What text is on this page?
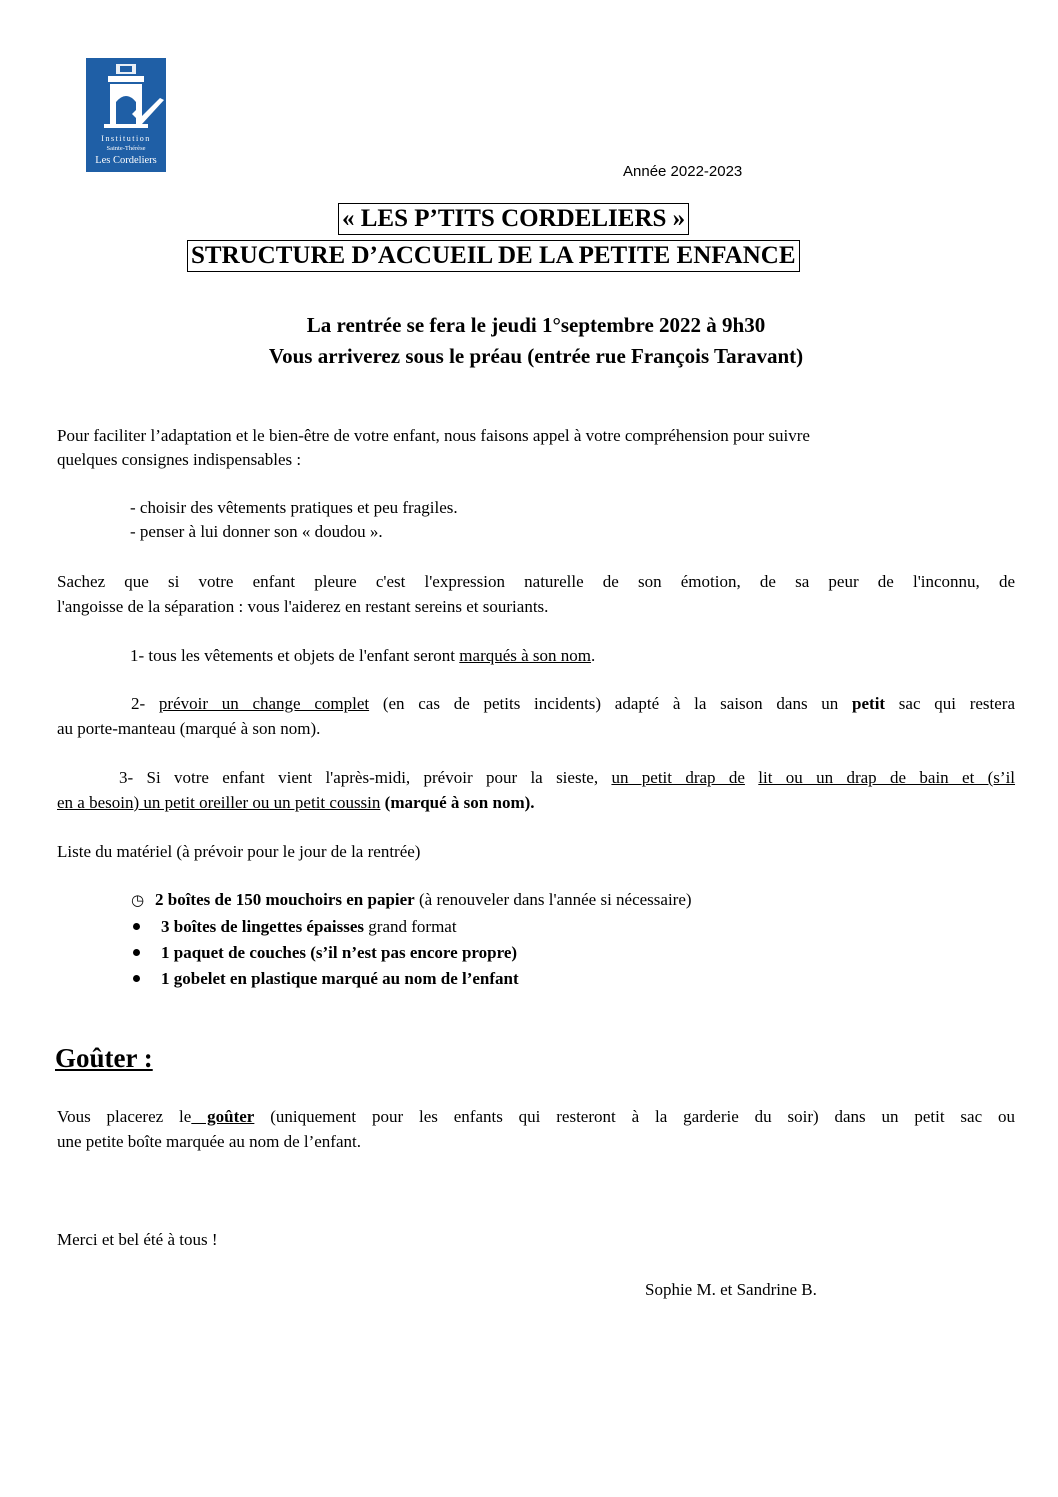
Institution
Sainte-Thérèse
Les Cordeliers
Année 2022-2023
« LES P’TITS CORDELIERS »
STRUCTURE D’ACCUEIL DE LA PETITE ENFANCE
La rentrée se fera le jeudi 1°septembre 2022 à 9h30
Vous arriverez sous le préau (entrée rue François Taravant)
Pour faciliter l’adaptation et le bien-être de votre enfant, nous faisons appel à votre compréhension pour suivre
quelques consignes indispensables :
- choisir des vêtements pratiques et peu fragiles.
- penser à lui donner son « doudou ».
Sachez que si votre enfant pleure c'est l'expression naturelle de son émotion, de sa peur de l'inconnu, de
l'angoisse de la séparation : vous l'aiderez en restant sereins et souriants.
1- tous les vêtements et objets de l'enfant seront marqués à son nom.
2- prévoir un change complet (en cas de petits incidents) adapté à la saison dans un petit sac qui restera
au porte-manteau (marqué à son nom).
3- Si votre enfant vient l'après-midi, prévoir pour la sieste, un petit drap de lit ou un drap de bain et (s’il
en a besoin) un petit oreiller ou un petit coussin (marqué à son nom).
Liste du matériel (à prévoir pour le jour de la rentrée)
◷ 2 boîtes de 150 mouchoirs en papier (à renouveler dans l'année si nécessaire)
3 boîtes de lingettes épaisses grand format
1 paquet de couches (s’il n’est pas encore propre)
1 gobelet en plastique marqué au nom de l’enfant
Goûter :
Vous placerez le goûter (uniquement pour les enfants qui resteront à la garderie du soir) dans un petit sac ou
une petite boîte marquée au nom de l’enfant.
Merci et bel été à tous !
Sophie M. et Sandrine B.
